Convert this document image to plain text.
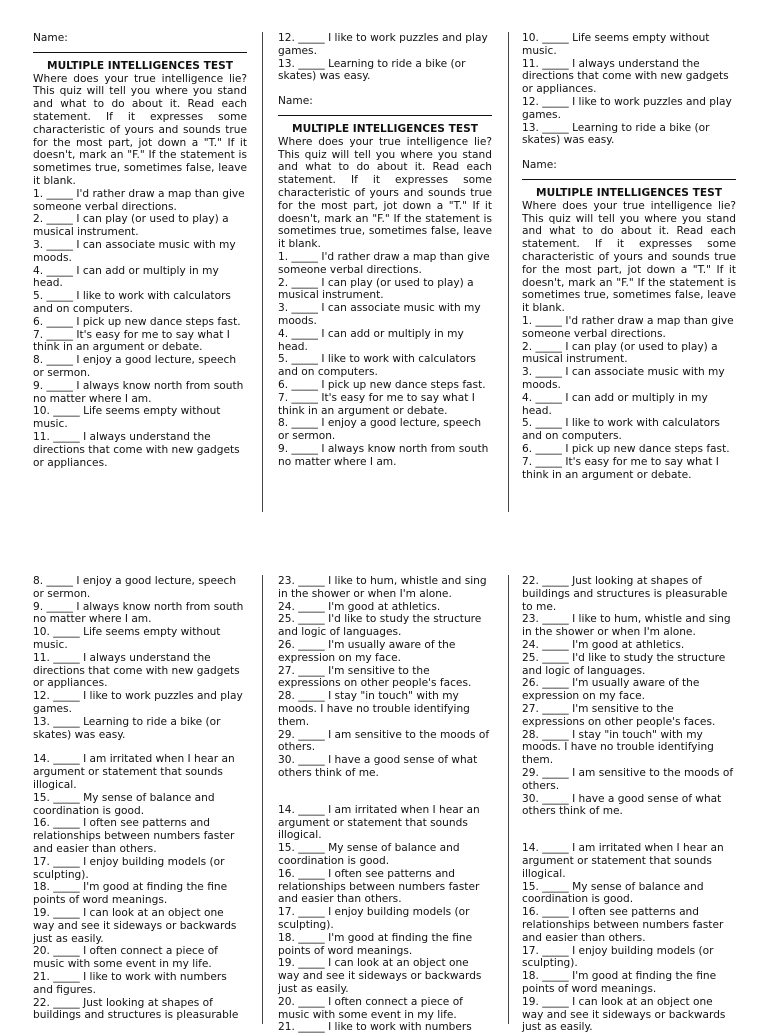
Name:
MULTIPLE INTELLIGENCES TEST
Where does your true intelligence lie? This quiz will tell you where you stand and what to do about it. Read each statement. If it expresses some characteristic of yours and sounds true for the most part, jot down a "T." If it doesn't, mark an "F." If the statement is sometimes true, sometimes false, leave it blank.
1. _____ I'd rather draw a map than give someone verbal directions.
2. _____ I can play (or used to play) a musical instrument.
3. _____ I can associate music with my moods.
4. _____ I can add or multiply in my head.
5. _____ I like to work with calculators and on computers.
6. _____ I pick up new dance steps fast.
7. _____ It's easy for me to say what I think in an argument or debate.
8. _____ I enjoy a good lecture, speech or sermon.
9. _____ I always know north from south no matter where I am.
10. _____ Life seems empty without music.
11. _____ I always understand the directions that come with new gadgets or appliances.
12. _____ I like to work puzzles and play games.
13. _____ Learning to ride a bike (or skates) was easy.
Name:
MULTIPLE INTELLIGENCES TEST
Where does your true intelligence lie? This quiz will tell you where you stand and what to do about it. Read each statement. If it expresses some characteristic of yours and sounds true for the most part, jot down a "T." If it doesn't, mark an "F." If the statement is sometimes true, sometimes false, leave it blank.
1. _____ I'd rather draw a map than give someone verbal directions.
2. _____ I can play (or used to play) a musical instrument.
3. _____ I can associate music with my moods.
4. _____ I can add or multiply in my head.
5. _____ I like to work with calculators and on computers.
6. _____ I pick up new dance steps fast.
7. _____ It's easy for me to say what I think in an argument or debate.
8. _____ I enjoy a good lecture, speech or sermon.
9. _____ I always know north from south no matter where I am.
10. _____ Life seems empty without music.
11. _____ I always understand the directions that come with new gadgets or appliances.
12. _____ I like to work puzzles and play games.
13. _____ Learning to ride a bike (or skates) was easy.
Name:
MULTIPLE INTELLIGENCES TEST
Where does your true intelligence lie? This quiz will tell you where you stand and what to do about it. Read each statement. If it expresses some characteristic of yours and sounds true for the most part, jot down a "T." If it doesn't, mark an "F." If the statement is sometimes true, sometimes false, leave it blank.
1. _____ I'd rather draw a map than give someone verbal directions.
2. _____ I can play (or used to play) a musical instrument.
3. _____ I can associate music with my moods.
4. _____ I can add or multiply in my head.
5. _____ I like to work with calculators and on computers.
6. _____ I pick up new dance steps fast.
7. _____ It's easy for me to say what I think in an argument or debate.
8. _____ I enjoy a good lecture, speech or sermon.
9. _____ I always know north from south no matter where I am.
10. _____ Life seems empty without music.
11. _____ I always understand the directions that come with new gadgets or appliances.
12. _____ I like to work puzzles and play games.
13. _____ Learning to ride a bike (or skates) was easy.
14. _____ I am irritated when I hear an argument or statement that sounds illogical.
15. _____ My sense of balance and coordination is good.
16. _____ I often see patterns and relationships between numbers faster and easier than others.
17. _____ I enjoy building models (or sculpting).
18. _____ I'm good at finding the fine points of word meanings.
19. _____ I can look at an object one way and see it sideways or backwards just as easily.
20. _____ I often connect a piece of music with some event in my life.
21. _____ I like to work with numbers and figures.
22. _____ Just looking at shapes of buildings and structures is pleasurable
23. _____ I like to hum, whistle and sing in the shower or when I'm alone.
24. _____ I'm good at athletics.
25. _____ I'd like to study the structure and logic of languages.
26. _____ I'm usually aware of the expression on my face.
27. _____ I'm sensitive to the expressions on other people's faces.
28. _____ I stay "in touch" with my moods. I have no trouble identifying them.
29. _____ I am sensitive to the moods of others.
30. _____ I have a good sense of what others think of me.
14. _____ I am irritated when I hear an argument or statement that sounds illogical.
15. _____ My sense of balance and coordination is good.
16. _____ I often see patterns and relationships between numbers faster and easier than others.
17. _____ I enjoy building models (or sculpting).
18. _____ I'm good at finding the fine points of word meanings.
19. _____ I can look at an object one way and see it sideways or backwards just as easily.
20. _____ I often connect a piece of music with some event in my life.
21. _____ I like to work with numbers
22. _____ Just looking at shapes of buildings and structures is pleasurable to me.
23. _____ I like to hum, whistle and sing in the shower or when I'm alone.
24. _____ I'm good at athletics.
25. _____ I'd like to study the structure and logic of languages.
26. _____ I'm usually aware of the expression on my face.
27. _____ I'm sensitive to the expressions on other people's faces.
28. _____ I stay "in touch" with my moods. I have no trouble identifying them.
29. _____ I am sensitive to the moods of others.
30. _____ I have a good sense of what others think of me.
14. _____ I am irritated when I hear an argument or statement that sounds illogical.
15. _____ My sense of balance and coordination is good.
16. _____ I often see patterns and relationships between numbers faster and easier than others.
17. _____ I enjoy building models (or sculpting).
18. _____ I'm good at finding the fine points of word meanings.
19. _____ I can look at an object one way and see it sideways or backwards just as easily.
